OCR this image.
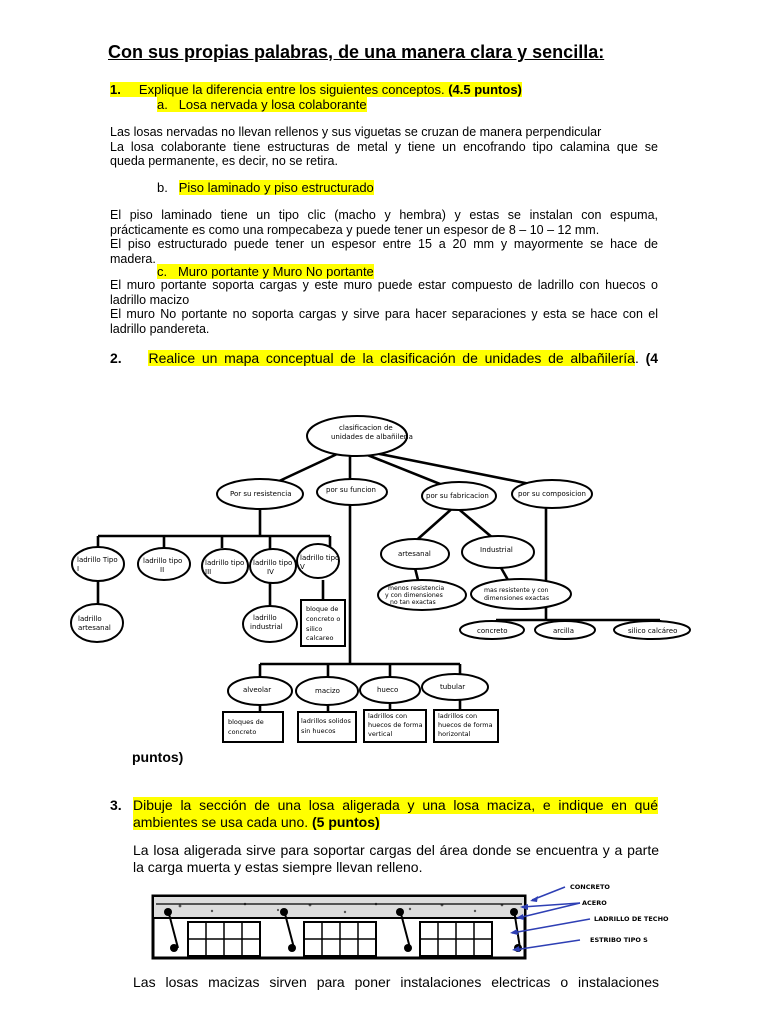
Con sus propias palabras, de una manera clara y sencilla:
1. Explique la diferencia entre los siguientes conceptos. (4.5 puntos)
a. Losa nervada y losa colaborante
Las losas nervadas no llevan rellenos y sus viguetas se cruzan de manera perpendicular
La losa colaborante tiene estructuras de metal y tiene un encofrando tipo calamina que se
queda permanente, es decir, no se retira.
b. Piso laminado y piso estructurado
El piso laminado tiene un tipo clic (macho y hembra) y estas se instalan con espuma,
prácticamente es como una rompecabeza y puede tener un espesor de 8 – 10 – 12 mm.
El piso estructurado puede tener un espesor entre 15 a 20 mm y mayormente se hace de
madera.
c. Muro portante y Muro No portante
El muro portante soporta cargas y este muro puede estar compuesto de ladrillo con huecos o
ladrillo macizo
El muro No portante no soporta cargas y sirve para hacer separaciones y esta se hace con el
ladrillo pandereta.
2. Realice un mapa conceptual de la clasificación de unidades de albañilería. (4
clasificacion de unidades de albañileria
Por su resistencia	por su funcion
por su fabricacion	por su composicion
ladrillo Tipo I
ladrillo tipo II
ladrillo tipo III
ladrillo tipo IV
ladrillo tipo V
artesanal	Industrial
menos resistencia y con dimensiones no tan exactas
mas resistente y con dimensiones exactas
ladrillo artesanal
ladrillo industrial
bloque de concreto o silico calcareo
concreto	arcilla	silico calcáreo
alveolar	macizo	hueco	tubular
bloques de concreto
ladrillos solidos sin huecos
ladrillos con huecos de forma vertical
ladrillos con huecos de forma horizontal
puntos)
3. Dibuje la sección de una losa aligerada y una losa maciza, e indique en qué
ambientes se usa cada uno. (5 puntos)
La losa aligerada sirve para soportar cargas del área donde se encuentra y a parte
la carga muerta y estas siempre llevan relleno.
CONCRETO
ACERO
LADRILLO DE TECHO
ESTRIBO TIPO S
Las losas macizas sirven para poner instalaciones electricas o instalaciones
